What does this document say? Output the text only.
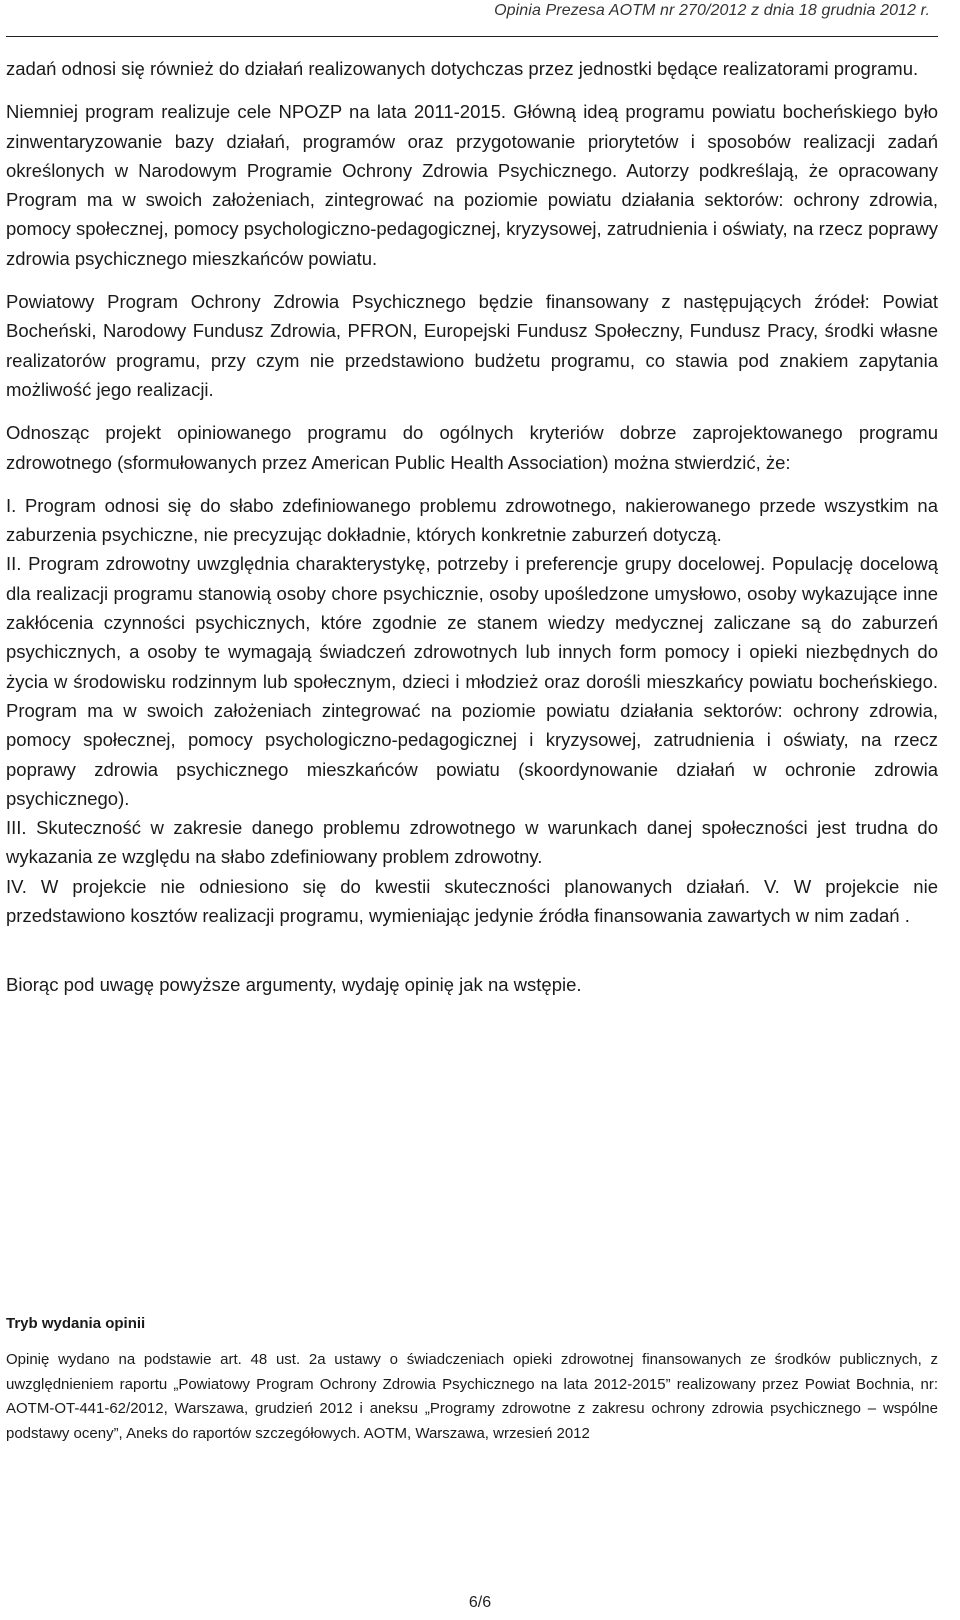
Opinia Prezesa AOTM nr 270/2012 z dnia 18 grudnia 2012 r.

zadań odnosi się również do działań realizowanych dotychczas przez jednostki będące realizatorami programu.

Niemniej program realizuje cele NPOZP na lata 2011-2015. Główną ideą programu powiatu bocheńskiego było zinwentaryzowanie bazy działań, programów oraz przygotowanie priorytetów i sposobów realizacji zadań określonych w Narodowym Programie Ochrony Zdrowia Psychicznego. Autorzy podkreślają, że opracowany Program ma w swoich założeniach, zintegrować na poziomie powiatu działania sektorów: ochrony zdrowia, pomocy społecznej, pomocy psychologiczno-pedagogicznej, kryzysowej, zatrudnienia i oświaty, na rzecz poprawy zdrowia psychicznego mieszkańców powiatu.

Powiatowy Program Ochrony Zdrowia Psychicznego będzie finansowany z następujących źródeł: Powiat Bocheński, Narodowy Fundusz Zdrowia, PFRON, Europejski Fundusz Społeczny, Fundusz Pracy, środki własne realizatorów programu, przy czym nie przedstawiono budżetu programu, co stawia pod znakiem zapytania możliwość jego realizacji.

Odnosząc projekt opiniowanego programu do ogólnych kryteriów dobrze zaprojektowanego programu zdrowotnego (sformułowanych przez American Public Health Association) można stwierdzić, że:

I. Program odnosi się do słabo zdefiniowanego problemu zdrowotnego, nakierowanego przede wszystkim na zaburzenia psychiczne, nie precyzując dokładnie, których konkretnie zaburzeń dotyczą.

II. Program zdrowotny uwzględnia charakterystykę, potrzeby i preferencje grupy docelowej. Populację docelową dla realizacji programu stanowią osoby chore psychicznie, osoby upośledzone umysłowo, osoby wykazujące inne zakłócenia czynności psychicznych, które zgodnie ze stanem wiedzy medycznej zaliczane są do zaburzeń psychicznych, a osoby te wymagają świadczeń zdrowotnych lub innych form pomocy i opieki niezbędnych do życia w środowisku rodzinnym lub społecznym, dzieci i młodzież oraz dorośli mieszkańcy powiatu bocheńskiego. Program ma w swoich założeniach zintegrować na poziomie powiatu działania sektorów: ochrony zdrowia, pomocy społecznej, pomocy psychologiczno-pedagogicznej i kryzysowej, zatrudnienia i oświaty, na rzecz poprawy zdrowia psychicznego mieszkańców powiatu (skoordynowanie działań w ochronie zdrowia psychicznego).

III. Skuteczność w zakresie danego problemu zdrowotnego w warunkach danej społeczności jest trudna do wykazania ze względu na słabo zdefiniowany problem zdrowotny.

IV. W projekcie nie odniesiono się do kwestii skuteczności planowanych działań. V. W projekcie nie przedstawiono kosztów realizacji programu, wymieniając jedynie źródła finansowania zawartych w nim zadań .

Biorąc pod uwagę powyższe argumenty, wydaję opinię jak na wstępie.

Tryb wydania opinii

Opinię wydano na podstawie art. 48 ust. 2a ustawy o świadczeniach opieki zdrowotnej finansowanych ze środków publicznych, z uwzględnieniem raportu „Powiatowy Program Ochrony Zdrowia Psychicznego na lata 2012-2015” realizowany przez Powiat Bochnia, nr: AOTM-OT-441-62/2012, Warszawa, grudzień 2012 i aneksu „Programy zdrowotne z zakresu ochrony zdrowia psychicznego – wspólne podstawy oceny”, Aneks do raportów szczegółowych. AOTM, Warszawa, wrzesień 2012

6/6
